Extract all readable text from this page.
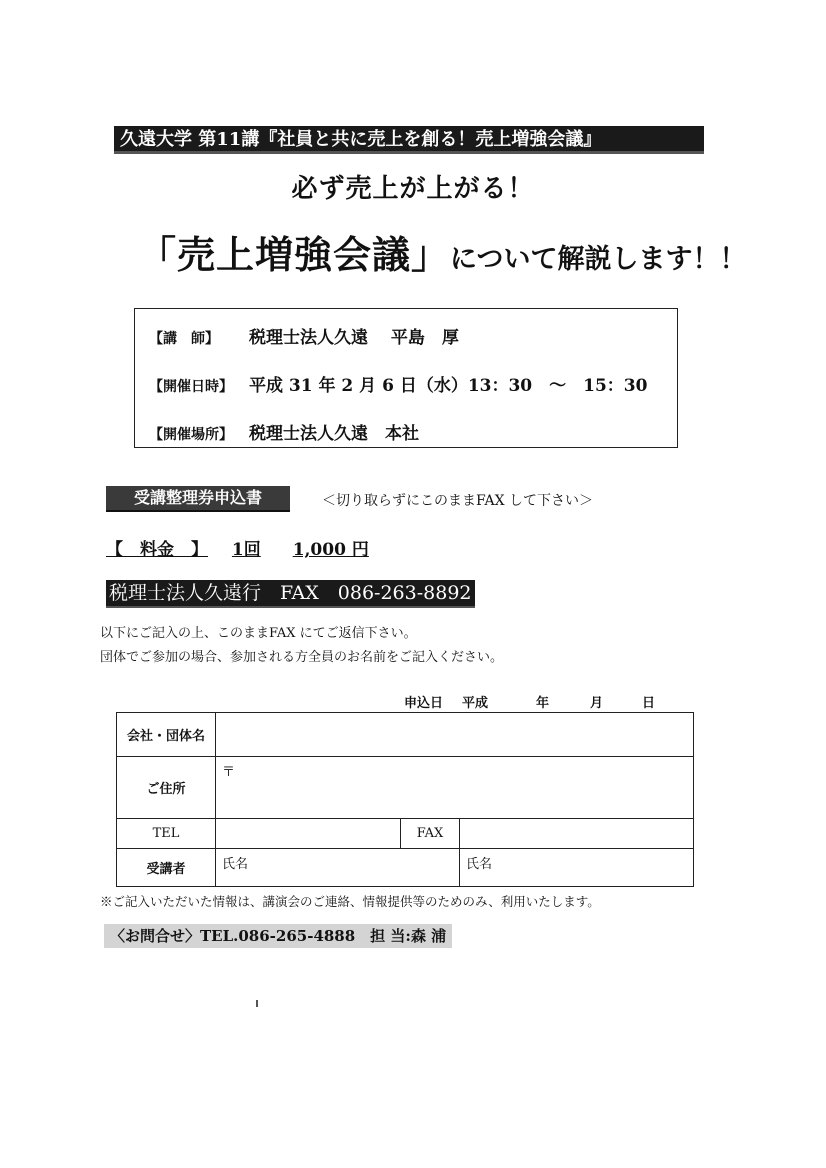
久遠大学 第11講『社員と共に売上を創る！売上増強会議』
必ず売上が上がる！
「売上増強会議」について解説します！！
【講　師】 税理士法人久遠　 平島　厚
【開催日時】 平成 31 年 2 月 6 日（水）13：30　～　15：30
【開催場所】 税理士法人久遠　本社
受講整理券申込書	＜切り取らずにこのままFAX して下さい＞
【　料金　】 1回 1,000 円
税理士法人久遠行　FAX　086-263-8892
以下にご記入の上、このままFAX にてご返信下さい。
団体でご参加の場合、参加される方全員のお名前をご記入ください。
申込日 平成	年	月	日
会社・団体名			
ご住所	〒		
TEL		FAX	
受講者	氏名		氏名
※ご記入いただいた情報は、講演会のご連絡、情報提供等のためのみ、利用いたします。
〈お問合せ〉TEL.086-265-4888　担 当:森 浦
